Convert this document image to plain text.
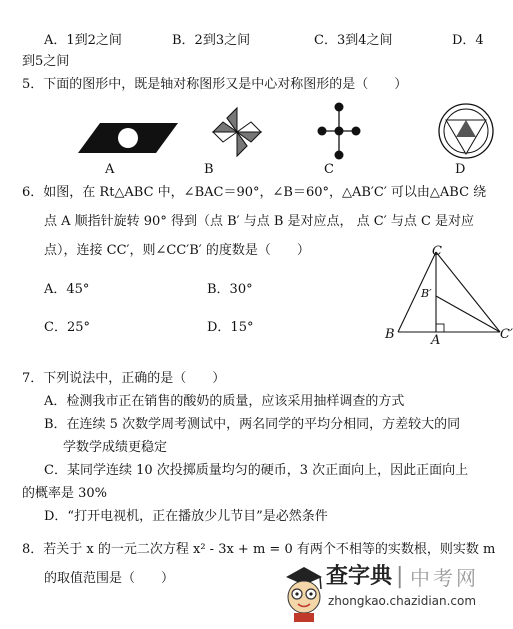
A．1到2之间	B．2到3之间	C．3到4之间	D．4
到5之间
5．下面的图形中，既是轴对称图形又是中心对称图形的是（　　）
A	B	C	D
6．如图，在 Rt△ABC 中，∠BAC＝90°，∠B＝60°，△AB′C′ 可以由△ABC 绕
点 A 顺指针旋转 90° 得到（点 B′ 与点 B 是对应点， 点 C′ 与点 C 是对应
点），连接 CC′，则∠CC′B′ 的度数是（　　）
A．45°	B．30°
C．25°	D．15°
C
B′
B	A	C′
7．下列说法中，正确的是（　　）
A．检测我市正在销售的酸奶的质量，应该采用抽样调查的方式
B．在连续 5 次数学周考测试中，两名同学的平均分相同，方差较大的同
学数学成绩更稳定
C．某同学连续 10 次投掷质量均匀的硬币，3 次正面向上，因此正面向上
的概率是 30%
D．“打开电视机，正在播放少儿节目”是必然条件
8．若关于 x 的一元二次方程 x² - 3x + m = 0 有两个不相等的实数根，则实数 m
的取值范围是（　　）	查字典 | 中考网
zhongkao.chazidian.com
